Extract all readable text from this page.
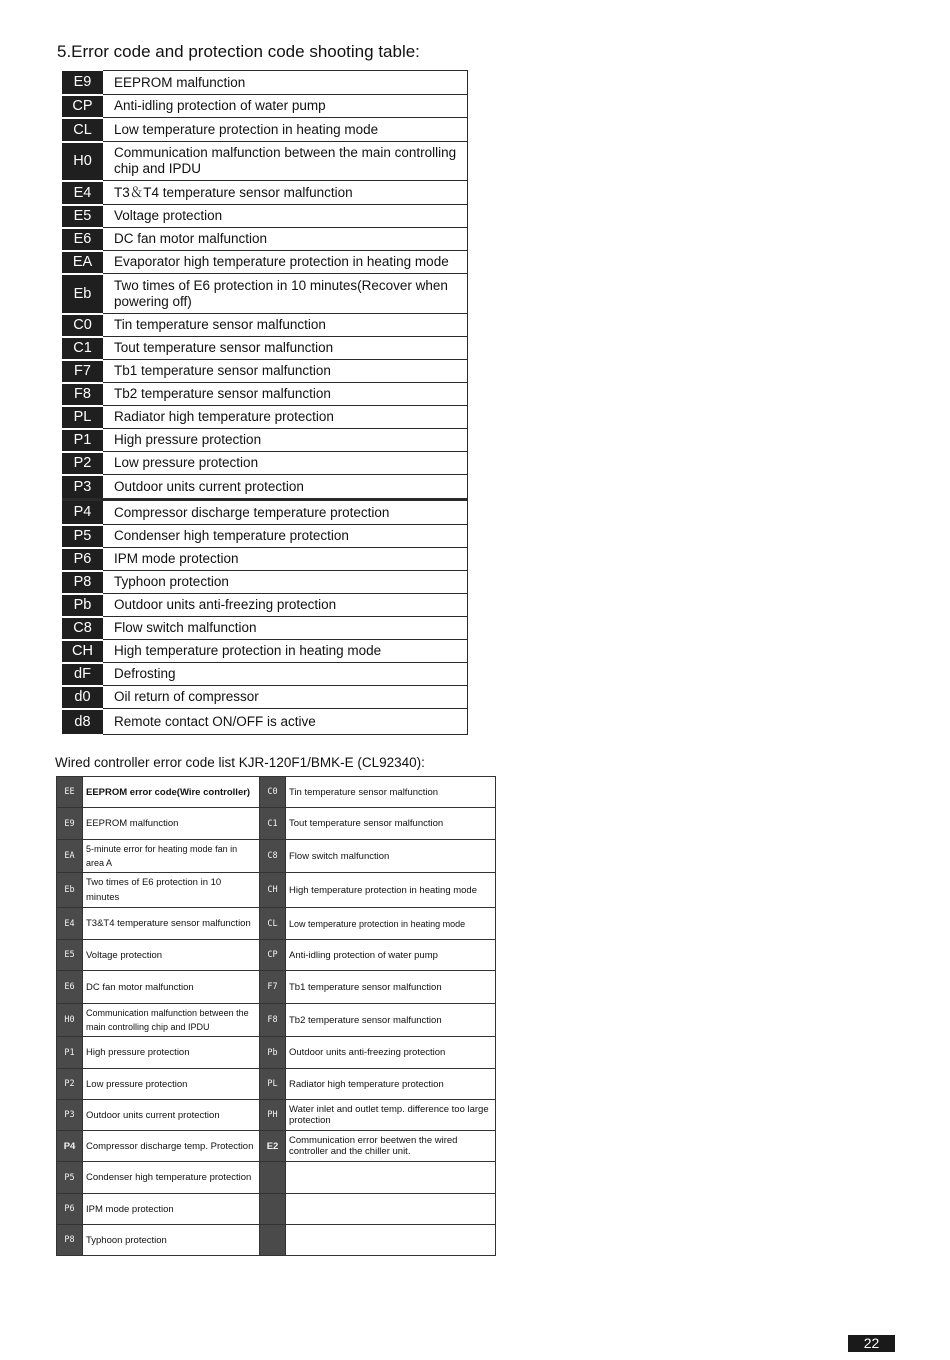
5.Error code and protection code shooting table:
E9	EEPROM malfunction
CP	Anti-idling protection of water pump
CL	Low temperature protection in heating mode
H0	Communication malfunction between the main controlling chip and IPDU
E4	T3＆T4 temperature sensor malfunction
E5	Voltage protection
E6	DC fan motor malfunction
EA	Evaporator high temperature protection in heating mode
Eb	Two times of E6 protection in 10 minutes(Recover when powering off)
C0	Tin temperature sensor malfunction
C1	Tout temperature sensor malfunction
F7	Tb1 temperature sensor malfunction
F8	Tb2 temperature sensor malfunction
PL	Radiator high temperature protection
P1	High pressure protection
P2	Low pressure protection
P3	Outdoor units current protection
P4	Compressor discharge temperature protection
P5	Condenser high temperature protection
P6	IPM mode protection
P8	Typhoon protection
Pb	Outdoor units anti-freezing protection
C8	Flow switch malfunction
CH	High temperature protection in heating mode
dF	Defrosting
d0	Oil return of compressor
d8	Remote contact ON/OFF is active
Wired controller error code list KJR-120F1/BMK-E (CL92340):
EE	EEPROM error code(Wire controller)	C0	Tin temperature sensor malfunction
E9	EEPROM malfunction	C1	Tout temperature sensor malfunction
EA	5-minute error for heating mode fan in area A	C8	Flow switch malfunction
Eb	Two times of E6 protection in 10 minutes	CH	High temperature protection in heating mode
E4	T3&T4 temperature sensor malfunction	CL	Low temperature protection in heating mode
E5	Voltage protection	CP	Anti-idling protection of water pump
E6	DC fan motor malfunction	F7	Tb1 temperature sensor malfunction
H0	Communication malfunction between the main controlling chip and IPDU	F8	Tb2 temperature sensor malfunction
P1	High pressure protection	Pb	Outdoor units anti-freezing protection
P2	Low pressure protection	PL	Radiator high temperature protection
P3	Outdoor units current protection	PH	Water inlet and outlet temp. difference too large protection
P4	Compressor discharge temp. Protection	E2	Communication error beetwen the wired controller and the chiller unit.
P5	Condenser high temperature protection		
P6	IPM mode protection		
P8	Typhoon protection		
22
